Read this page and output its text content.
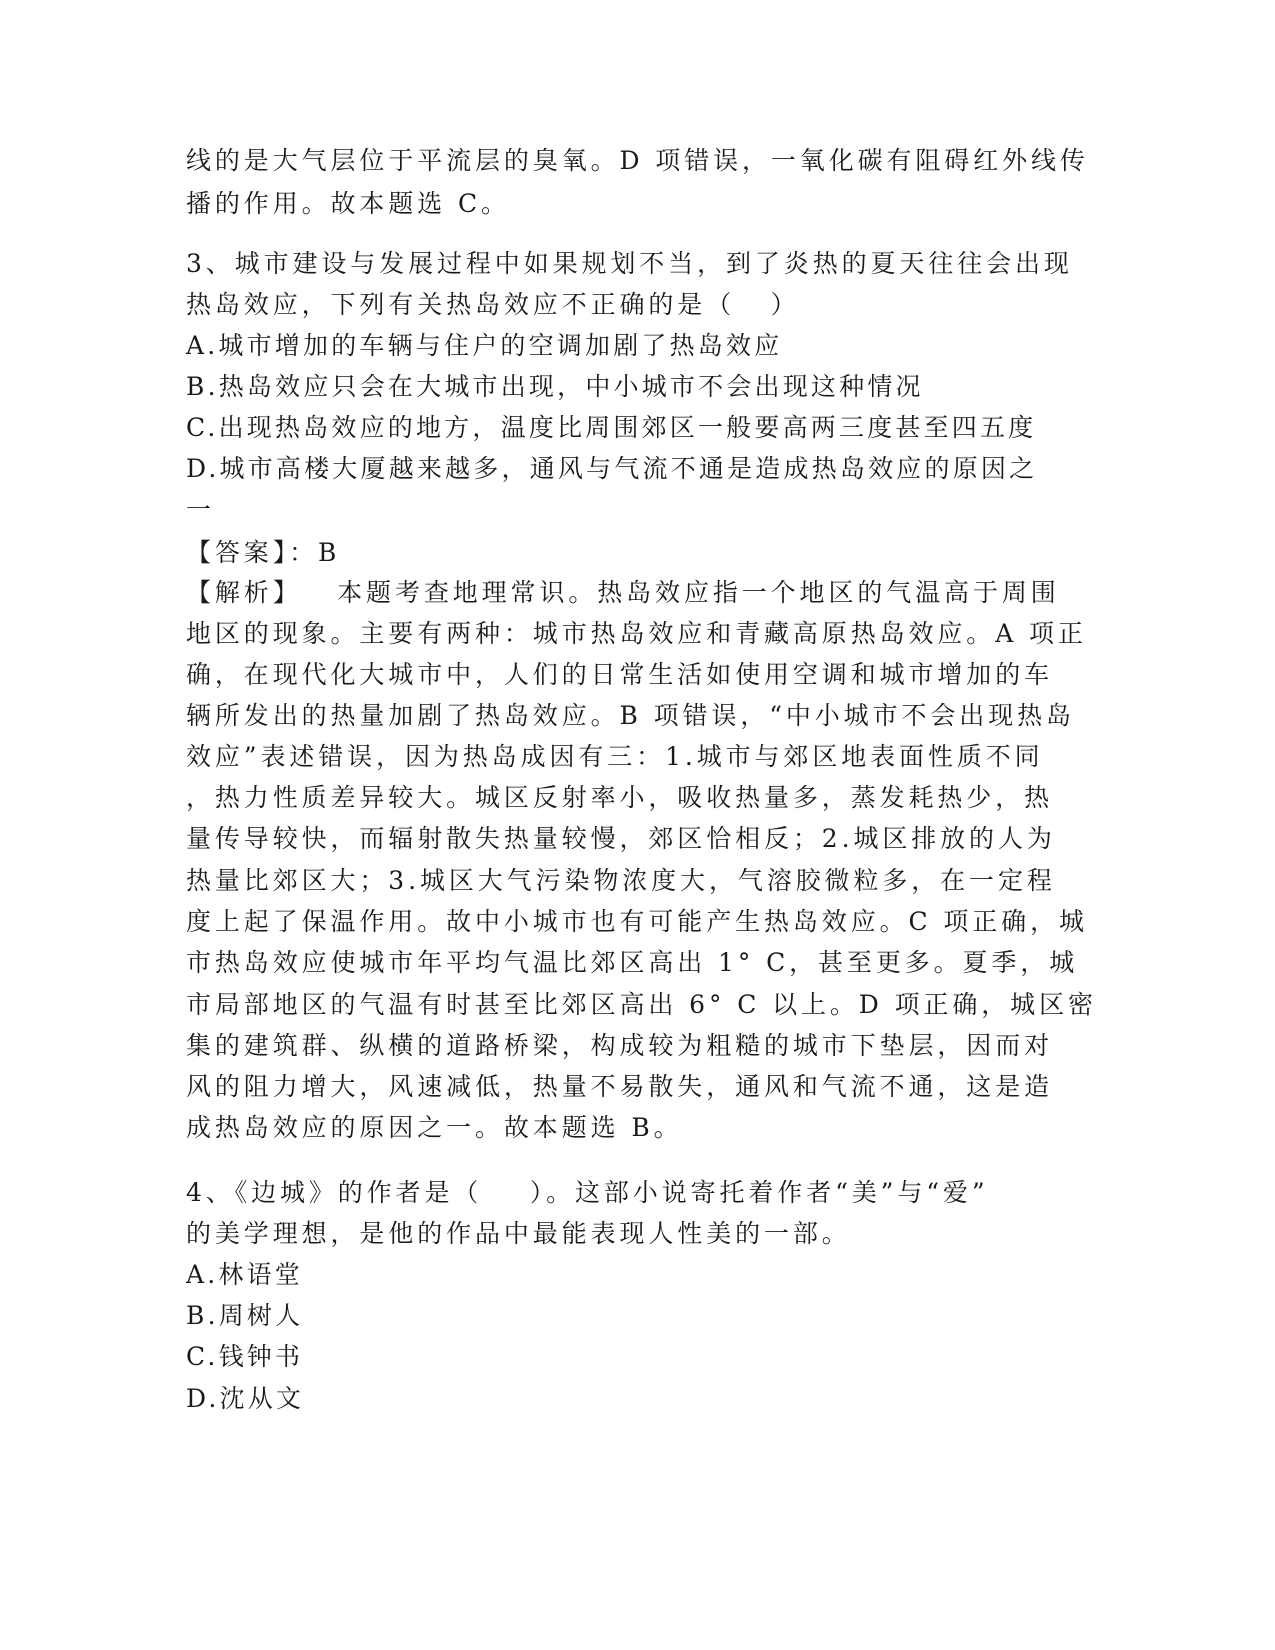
线的是大气层位于平流层的臭氧。D 项错误，一氧化碳有阻碍红外线传

播的作用。故本题选 C。

3、城市建设与发展过程中如果规划不当，到了炎热的夏天往往会出现

热岛效应，下列有关热岛效应不正确的是（   ）

A.城市增加的车辆与住户的空调加剧了热岛效应

B.热岛效应只会在大城市出现，中小城市不会出现这种情况

C.出现热岛效应的地方，温度比周围郊区一般要高两三度甚至四五度

D.城市高楼大厦越来越多，通风与气流不通是造成热岛效应的原因之

一

【答案】：B

【解析】   本题考查地理常识。热岛效应指一个地区的气温高于周围

地区的现象。主要有两种：城市热岛效应和青藏高原热岛效应。A 项正

确，在现代化大城市中，人们的日常生活如使用空调和城市增加的车

辆所发出的热量加剧了热岛效应。B 项错误，“中小城市不会出现热岛

效应”表述错误，因为热岛成因有三：1.城市与郊区地表面性质不同

，热力性质差异较大。城区反射率小，吸收热量多，蒸发耗热少，热

量传导较快，而辐射散失热量较慢，郊区恰相反；2.城区排放的人为

热量比郊区大；3.城区大气污染物浓度大，气溶胶微粒多，在一定程

度上起了保温作用。故中小城市也有可能产生热岛效应。C 项正确，城

市热岛效应使城市年平均气温比郊区高出 1° C，甚至更多。夏季，城

市局部地区的气温有时甚至比郊区高出 6° C 以上。D 项正确，城区密

集的建筑群、纵横的道路桥梁，构成较为粗糙的城市下垫层，因而对

风的阻力增大，风速减低，热量不易散失，通风和气流不通，这是造

成热岛效应的原因之一。故本题选 B。

4、《边城》的作者是（    ）。这部小说寄托着作者“美”与“爱”

的美学理想，是他的作品中最能表现人性美的一部。

A.林语堂

B.周树人

C.钱钟书

D.沈从文
